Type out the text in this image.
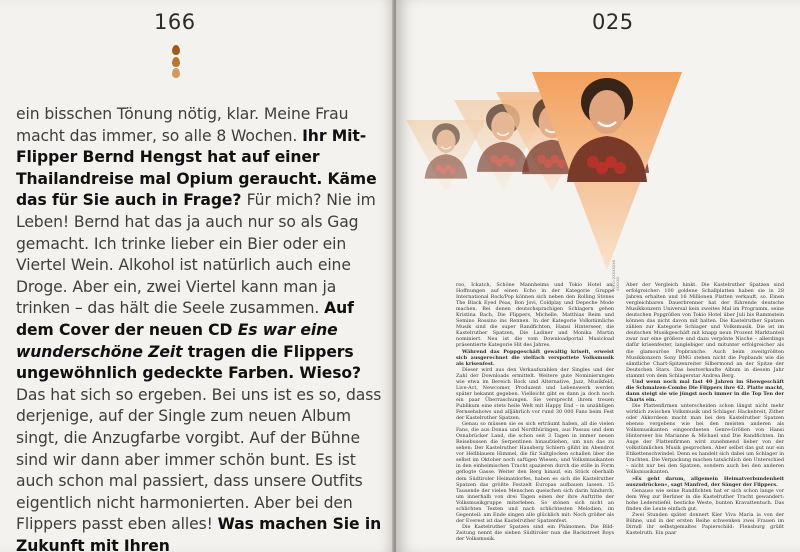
166
ein bisschen Tönung nötig, klar. Meine Frau macht das immer, so alle 8 Wochen. Ihr Mit-Flipper Bernd Hengst hat auf einer Thailandreise mal Opium geraucht. Käme das für Sie auch in Frage? Für mich? Nie im Leben! Bernd hat das ja auch nur so als Gag gemacht. Ich trinke lieber ein Bier oder ein Viertel Wein. Alkohol ist natürlich auch eine Droge. Aber ein, zwei Viertel kann man ja trinken – das hält die Seele zusammen. Auf dem Cover der neuen CD Es war eine wunderschöne Zeit tragen die Flippers ungewöhnlich gedeckte Farben. Wieso? Das hat sich so ergeben. Bei uns ist es so, dass derjenige, auf der Single zum neuen Album singt, die Anzugfarbe vorgibt. Auf der Bühne sind wir dann aber immer schön bunt. Es ist auch schon mal passiert, dass unsere Outfits eigentlich nicht harmonierten. Aber bei den Flippers passt eben alles! Was machen Sie in Zukunft mit Ihren
025
FOTO: XXXXXXXX XXXXXX

roo, Ickatch, Schöne Mannheims und Tokio Hotel an. Hoffnungen auf einen Echo in der Kategorie Gruppe International Rock/Pop können sich neben den Rolling Stones The Black Eyed Peas, Bon Jovi, Coldplay und Depeche Mode machen. Bei denen deutschsprachigen Schlagern gehen Kristina Bach, Die Flippers, Michelle, Matthias Reim und Semino Rossino ins Rennen. In der Kategorie Volkstümliche Musik sind die super Randfichten, Hansi Hinterseer, die Kastelruther Spatzen, Die Ladiner und Monika Martin nominiert. Neu ist die vom Downloadportal Musicload präsentierte Kategorie Hit des Jahres.

Während das Poppgeschäft gewaltig kriselt, erweist sich ausgerechnet die vielfach verspottete Volksmusik als krisenfest.

Dieser wird aus den Verkaufszahlen der Singles und der Zahl der Downloads ermittelt. Weitere gute Nominierungen wie etwa im Bereich Rock und Alternative, Jazz, Musikfeld, Live-Act, Newcomer, Produzent und Lebenswerk werden später bekannt gegeben. Vielleicht gibt es dann ja doch noch ein paar Überraschungen. Sie versprecht ihrem treuen Publikum eine stets heile Welt mit Happy End – in unzähligen Fernsehshows und alljährlich vor rund 30 000 Fans beim Fest der Kastelruther Spatzen.

Genau so müssen sie es sich erträumt haben, all die vielen Fans, die aus Donau und Nordthüringen, aus Passau und dem Osnabrücker Land, die schon seit 3 Tagen in immer neuen Reisebussen die Serpentinen hinaufziehen, um nun das zu sehen: Der Kastelruther Hausberg Schlern glüht im Abendrot vor Hellblauem Himmel, die für Saltglocken schallen über die selbst im Oktober noch saftigen Wiesen, und Volksmusikanten in den einheimischen Tracht spazieren durch die stille in Form geflogte Gasse. Weiter den Berg hinauf, ein Stück oberhalb dem Südtiroler Heimatdorfes, haben es sich die Kastelruther Spatzen das größte Festzelt Europas aufbauen lassen. 15 Tausende der vielen Menschen queischen sich darin hindurch, um innerhalb von drei Tagen einen der ihre Auftritte der Volksmusikgruppe miterleben. So stönen sich nicht an schlichten Texten und nach schlichtesten Melodien, im Gegenteil: am Ende singen alle glücklich mit: Noch größer als der Everest ist das Kastelruther Spatzenfest.

Die Kastelruther Spatzen sind ein Phänomen. Die Bild-Zeitung nennt die sieben Südtiroler nun die Backstreet Boys der Volksmusik.

Aber der Vergleich hinkt. Die Kastelruther Spatzen sind erfolgreicher: 100 goldene Schallplatten haben sie in 28 Jahren erhalten und 16 Millionen Platten verkauft, so. Einen vergleichbaren Dauerbrenner hat der führende deutsche Musikkonzern Universal kein zweites Mal im Programm, seine deutschen Popgrößen von Tokio Hotel über Juli bis Rammstein können das nicht davon mit halten. Die Kastelruther Spatzen zählen zur Kategorie Schlager und Volksmusik. Die ist im deutschen Musikgeschäft mit knapp neun Prozent Marktanteil zwar nur eine größere und dazu verpönte Nische – allerdings dafür krisenfester, langlebiger und mitunter erfolgreicher als die glamouröse Popbranche. Auch beim zweitgrößten Musikkonzern Sony BMG stehen nicht die Popbands wie die sämtliche Chart-Spitzenreiter Silbermond an der Spitze der Deutschen Stars. Das bestverkaufte Album in diesem Jahr stammt von dem Schlagerstar Andrea Berg.

Und wenn noch mal fast 40 Jahren im Showgeschäft die Schmalzen-Combo Die Flippers ihre 42. Platte macht, dann steigt sie wie jüngst noch immer in die Top Ten der Charts ein.

Die Plattenfirmen unterscheiden schon längst nicht mehr wirklich zwischen Volksmusik und Schlager. Hackebreit, Zither oder Akkordeon macht man bei den Kastelruther Spatzen ebenso vergebens wie bei den meisten anderen als Volksmusikanten eingeordneten Genre-Größen von Hansi Hinterseer bis Marianne & Michael und Die Randfichten. Im Auge der Plattenfirmen wird zunehmend lieber von der volkstümlichen Musik gesprochen. Aber selbst das gut nur ein Etikettenschwindel. Denn es handelt sich dabei um Schlager in Trachten. Die Verpackung machen tatsächlich den Unterschied – nicht nur bei den Spatzen, sondern auch bei den anderen Volksmusikanten.

»Es geht darum, allgemein Heimatverbundenheit auszudrücken«, sagt Manfred, der Sänger der Flippers.

Genauso wie seine Randfichten hat er sich schon lange vor dem Weg zur Berliner in die Kastelruther Tracht gewandert: hohe Lederstiefel, besticke Weste, bunten Kravattentuch. Das finden die Leute einfach gut.

Zwei Stunden später donnert Kier Viva Maria ia von der Bühne, und in der ersten Reihe schwenken zwei Frauen im Dirndl ihr selbstgemaltes Papierschild: Flensburg grüßt Kastelruth. Ein paar
